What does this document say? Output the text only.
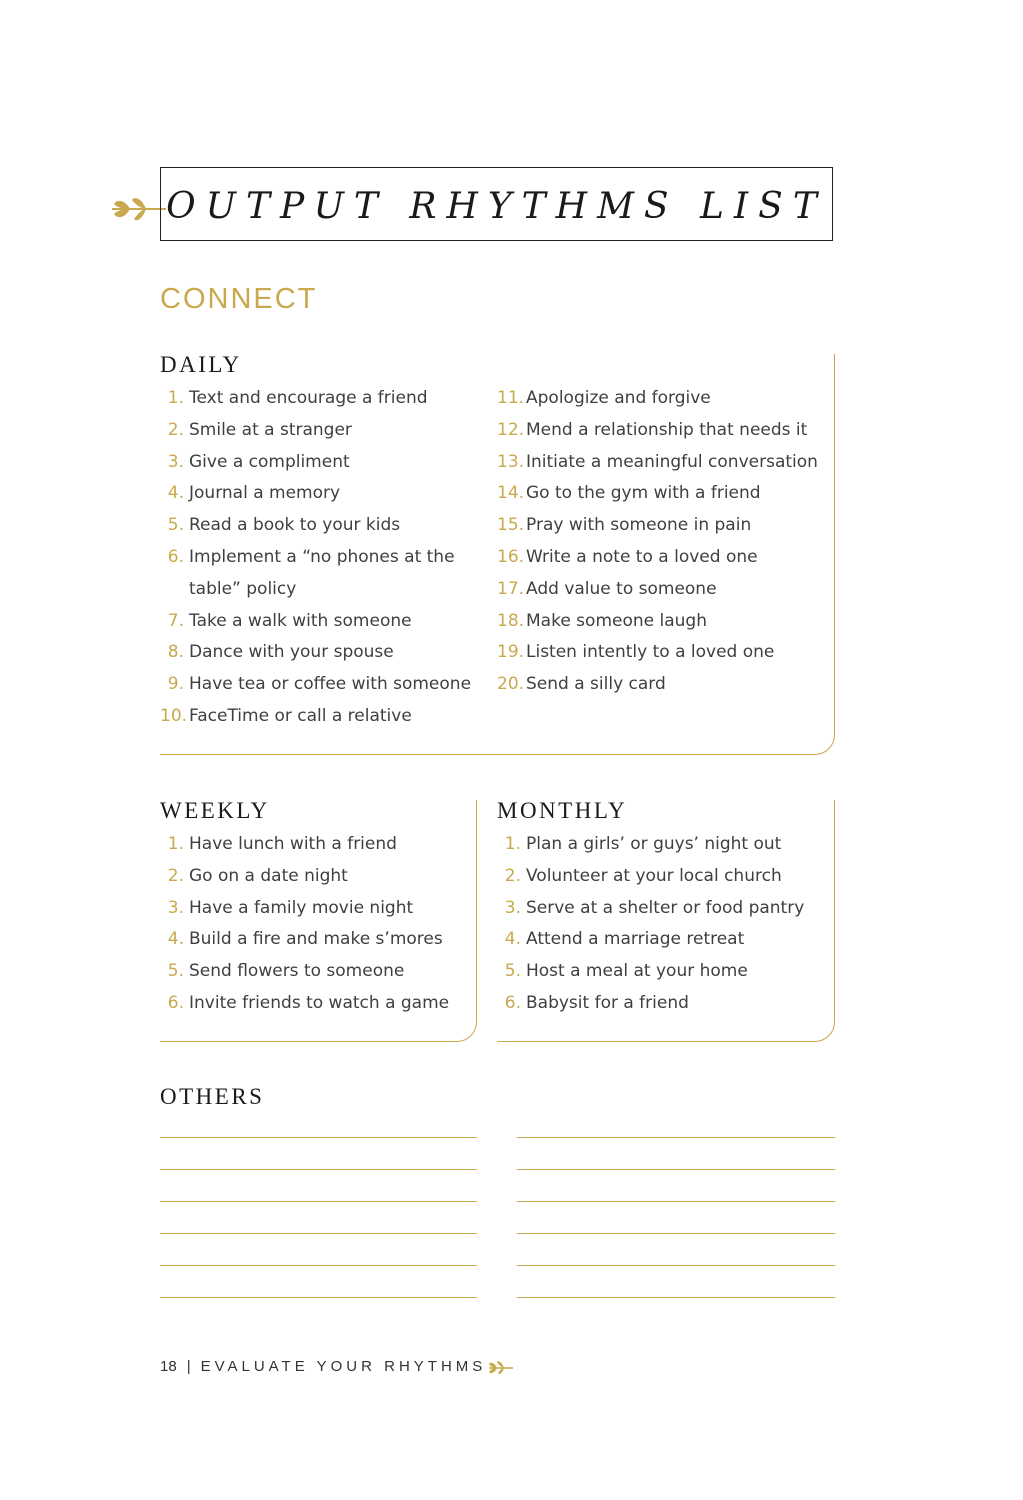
OUTPUT RHYTHMS LIST
CONNECT
DAILY
1. Text and encourage a friend
2. Smile at a stranger
3. Give a compliment
4. Journal a memory
5. Read a book to your kids
6. Implement a “no phones at the
table” policy
7. Take a walk with someone
8. Dance with your spouse
9. Have tea or coffee with someone
10. FaceTime or call a relative
11. Apologize and forgive
12. Mend a relationship that needs it
13. Initiate a meaningful conversation
14. Go to the gym with a friend
15. Pray with someone in pain
16. Write a note to a loved one
17. Add value to someone
18. Make someone laugh
19. Listen intently to a loved one
20. Send a silly card
WEEKLY
1. Have lunch with a friend
2. Go on a date night
3. Have a family movie night
4. Build a fire and make s’mores
5. Send flowers to someone
6. Invite friends to watch a game
MONTHLY
1. Plan a girls’ or guys’ night out
2. Volunteer at your local church
3. Serve at a shelter or food pantry
4. Attend a marriage retreat
5. Host a meal at your home
6. Babysit for a friend
OTHERS
18 | EVALUATE YOUR RHYTHMS
